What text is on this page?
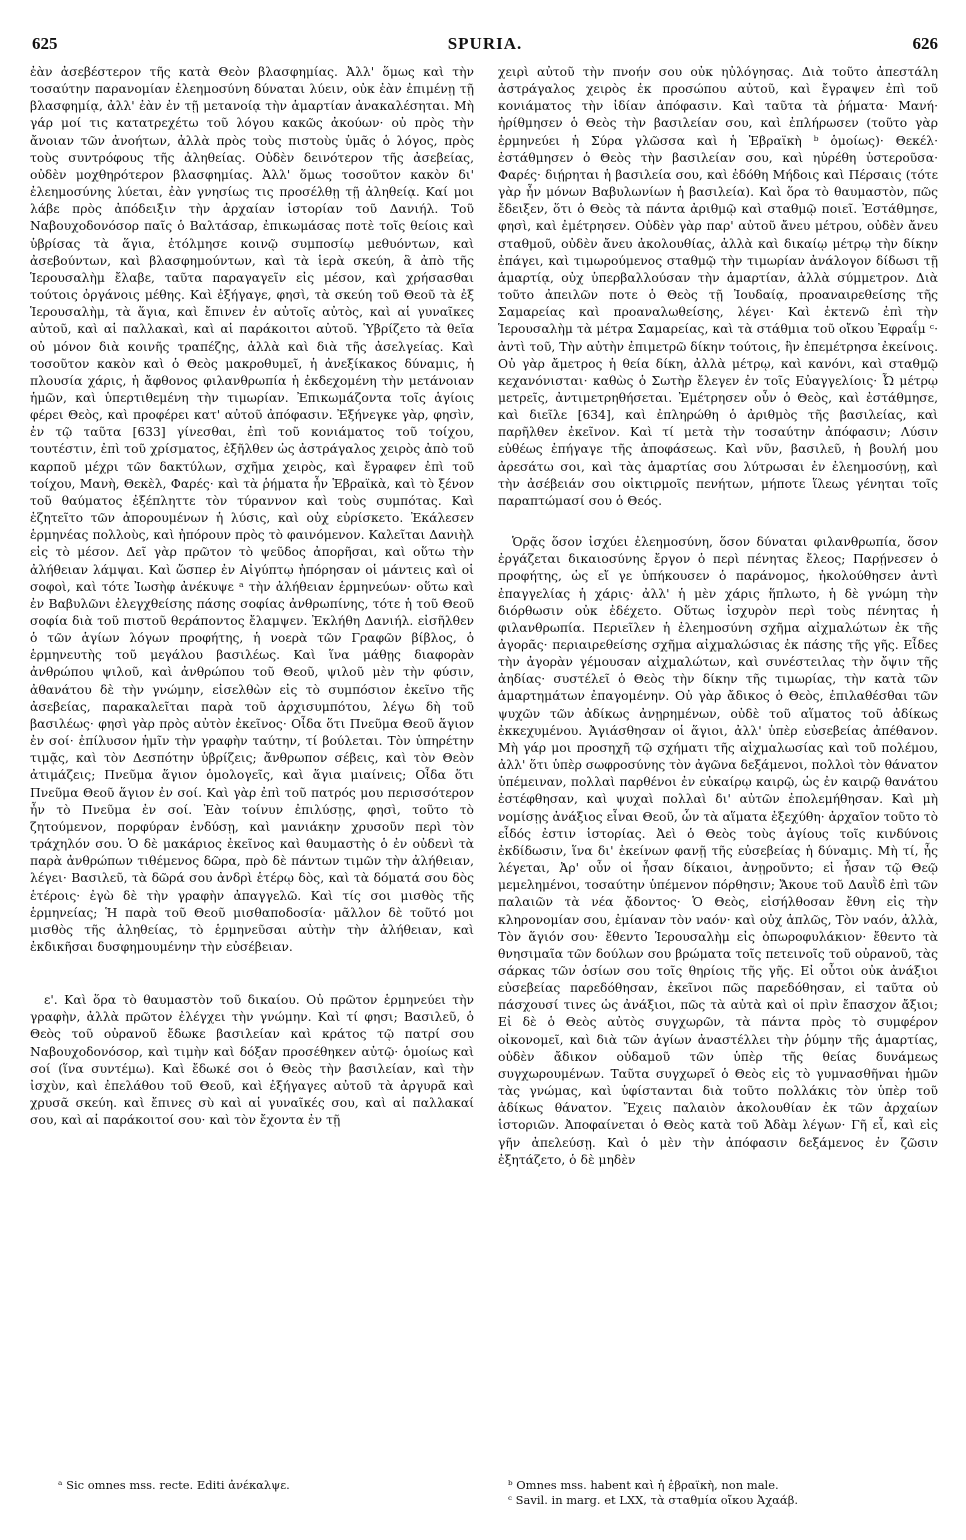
625	SPURIA.	626

ἐὰν ἀσεβέστερον τῆς κατὰ Θεὸν βλασφημίας. Ἀλλ' ὅμως καὶ τὴν τοσαύτην παρανομίαν ἐλεημοσύνη δύναται λύειν, οὐκ ἐὰν ἐπιμένῃ τῇ βλασφημίᾳ, ἀλλ' ἐὰν ἐν τῇ μετανοίᾳ τὴν ἁμαρτίαν ἀνακαλέσηται. Μὴ γάρ μοί τις κατατρεχέτω τοῦ λόγου κακῶς ἀκούων· οὐ πρὸς τὴν ἄνοιαν τῶν ἀνοήτων, ἀλλὰ πρὸς τοὺς πιστοὺς ὑμᾶς ὁ λόγος, πρὸς τοὺς συντρόφους τῆς ἀληθείας. Οὐδὲν δεινότερον τῆς ἀσεβείας, οὐδὲν μοχθηρότερον βλασφημίας. Ἀλλ' ὅμως τοσοῦτον κακὸν δι' ἐλεημοσύνης λύεται, ἐὰν γνησίως τις προσέλθῃ τῇ ἀληθείᾳ. Καί μοι λάβε πρὸς ἀπόδειξιν τὴν ἀρχαίαν ἱστορίαν τοῦ Δανιήλ. Τοῦ Ναβουχοδονόσορ παῖς ὁ Βαλτάσαρ, ἐπικωμάσας ποτὲ τοῖς θείοις καὶ ὑβρίσας τὰ ἅγια, ἐτόλμησε κοινῷ συμποσίῳ μεθυόντων, καὶ ἀσεβούντων, καὶ βλασφημούντων, καὶ τὰ ἱερὰ σκεύη, ἃ ἀπὸ τῆς Ἱερουσαλὴμ ἔλαβε, ταῦτα παραγαγεῖν εἰς μέσον, καὶ χρήσασθαι τούτοις ὀργάνοις μέθης. Καὶ ἐξήγαγε, φησὶ, τὰ σκεύη τοῦ Θεοῦ τὰ ἐξ Ἱερουσαλὴμ, τὰ ἅγια, καὶ ἔπινεν ἐν αὐτοῖς αὐτὸς, καὶ αἱ γυναῖκες αὐτοῦ, καὶ αἱ παλλακαὶ, καὶ αἱ παράκοιτοι αὐτοῦ. Ὑβρίζετο τὰ θεῖα οὐ μόνον διὰ κοινῆς τραπέζης, ἀλλὰ καὶ διὰ τῆς ἀσελγείας. Καὶ τοσοῦτον κακὸν καὶ ὁ Θεὸς μακροθυμεῖ, ἡ ἀνεξίκακος δύναμις, ἡ πλουσία χάρις, ἡ ἄφθονος φιλανθρωπία ἡ ἐκδεχομένη τὴν μετάνοιαν ἡμῶν, καὶ ὑπερτιθεμένη τὴν τιμωρίαν. Ἐπικωμάζοντα τοῖς ἁγίοις φέρει Θεὸς, καὶ προφέρει κατ' αὐτοῦ ἀπόφασιν. Ἐξήνεγκε γὰρ, φησὶν, ἐν τῷ ταῦτα [633] γίνεσθαι, ἐπὶ τοῦ κονιάματος τοῦ τοίχου, τουτέστιν, ἐπὶ τοῦ χρίσματος, ἐξῆλθεν ὡς ἀστράγαλος χειρὸς ἀπὸ τοῦ καρποῦ μέχρι τῶν δακτύλων, σχῆμα χειρὸς, καὶ ἔγραφεν ἐπὶ τοῦ τοίχου, Μανὴ, Θεκὲλ, Φαρές· καὶ τὰ ῥήματα ἦν Ἑβραϊκὰ, καὶ τὸ ξένον τοῦ θαύματος ἐξέπληττε τὸν τύραννον καὶ τοὺς συμπότας. Καὶ ἐζητεῖτο τῶν ἀπορουμένων ἡ λύσις, καὶ οὐχ εὑρίσκετο. Ἐκάλεσεν ἑρμηνέας πολλοὺς, καὶ ἠπόρουν πρὸς τὸ φαινόμενον. Καλεῖται Δανιὴλ εἰς τὸ μέσον. Δεῖ γὰρ πρῶτον τὸ ψεῦδος ἀπορῆσαι, καὶ οὕτω τὴν ἀλήθειαν λάμψαι. Καὶ ὥσπερ ἐν Αἰγύπτῳ ἠπόρησαν οἱ μάντεις καὶ οἱ σοφοὶ, καὶ τότε Ἰωσὴφ ἀνέκυψε ᵃ τὴν ἀλήθειαν ἑρμηνεύων· οὕτω καὶ ἐν Βαβυλῶνι ἐλεγχθείσης πάσης σοφίας ἀνθρωπίνης, τότε ἡ τοῦ Θεοῦ σοφία διὰ τοῦ πιστοῦ θεράποντος ἔλαμψεν. Ἐκλήθη Δανιήλ. εἰσῆλθεν ὁ τῶν ἁγίων λόγων προφήτης, ἡ νοερὰ τῶν Γραφῶν βίβλος, ὁ ἑρμηνευτὴς τοῦ μεγάλου βασιλέως. Καὶ ἵνα μάθῃς διαφορὰν ἀνθρώπου ψιλοῦ, καὶ ἀνθρώπου τοῦ Θεοῦ, ψιλοῦ μὲν τὴν φύσιν, ἀθανάτου δὲ τὴν γνώμην, εἰσελθὼν εἰς τὸ συμπόσιον ἐκεῖνο τῆς ἀσεβείας, παρακαλεῖται παρὰ τοῦ ἀρχισυμπότου, λέγω δὴ τοῦ βασιλέως· φησὶ γὰρ πρὸς αὐτὸν ἐκεῖνος· Οἶδα ὅτι Πνεῦμα Θεοῦ ἅγιον ἐν σοί· ἐπίλυσον ἡμῖν τὴν γραφὴν ταύτην, τί βούλεται. Τὸν ὑπηρέτην τιμᾷς, καὶ τὸν Δεσπότην ὑβρίζεις; ἄνθρωπον σέβεις, καὶ τὸν Θεὸν ἀτιμάζεις; Πνεῦμα ἅγιον ὁμολογεῖς, καὶ ἅγια μιαίνεις; Οἶδα ὅτι Πνεῦμα Θεοῦ ἅγιον ἐν σοί. Καὶ γὰρ ἐπὶ τοῦ πατρός μου περισσότερον ἦν τὸ Πνεῦμα ἐν σοί. Ἐὰν τοίνυν ἐπιλύσῃς, φησὶ, τοῦτο τὸ ζητούμενον, πορφύραν ἐνδύσῃ, καὶ μανιάκην χρυσοῦν περὶ τὸν τράχηλόν σου. Ὁ δὲ μακάριος ἐκεῖνος καὶ θαυμαστὴς ὁ ἐν οὐδενὶ τὰ παρὰ ἀνθρώπων τιθέμενος δῶρα, πρὸ δὲ πάντων τιμῶν τὴν ἀλήθειαν, λέγει· Βασιλεῦ, τὰ δῶρά σου ἀνδρὶ ἑτέρῳ δὸς, καὶ τὰ δόματά σου δὸς ἑτέροις· ἐγὼ δὲ τὴν γραφὴν ἀπαγγελῶ. Καὶ τίς σοι μισθὸς τῆς ἑρμηνείας; Ἡ παρὰ τοῦ Θεοῦ μισθαποδοσία· μᾶλλον δὲ τοῦτό μοι μισθὸς τῆς ἀληθείας, τὸ ἑρμηνεῦσαι αὐτὴν τὴν ἀλήθειαν, καὶ ἐκδικῆσαι δυσφημουμένην τὴν εὐσέβειαν.

ε'. Καὶ ὅρα τὸ θαυμαστὸν τοῦ δικαίου. Οὐ πρῶτον ἑρμηνεύει τὴν γραφὴν, ἀλλὰ πρῶτον ἐλέγχει τὴν γνώμην. Καὶ τί φησι; Βασιλεῦ, ὁ Θεὸς τοῦ οὐρανοῦ ἔδωκε βασιλείαν καὶ κράτος τῷ πατρί σου Ναβουχοδονόσορ, καὶ τιμὴν καὶ δόξαν προσέθηκεν αὐτῷ· ὁμοίως καὶ σοί (ἵνα συντέμω). Καὶ ἔδωκέ σοι ὁ Θεὸς τὴν βασιλείαν, καὶ τὴν ἰσχὺν, καὶ ἐπελάθου τοῦ Θεοῦ, καὶ ἐξήγαγες αὐτοῦ τὰ ἀργυρᾶ καὶ χρυσᾶ σκεύη. καὶ ἔπινες σὺ καὶ αἱ γυναῖκές σου, καὶ αἱ παλλακαί σου, καὶ αἱ παράκοιτοί σου· καὶ τὸν ἔχοντα ἐν τῇ

χειρὶ αὐτοῦ τὴν πνοήν σου οὐκ ηὐλόγησας. Διὰ τοῦτο ἀπεστάλη ἀστράγαλος χειρὸς ἐκ προσώπου αὐτοῦ, καὶ ἔγραψεν ἐπὶ τοῦ κονιάματος τὴν ἰδίαν ἀπόφασιν. Καὶ ταῦτα τὰ ῥήματα· Μανή· ἠρίθμησεν ὁ Θεὸς τὴν βασιλείαν σου, καὶ ἐπλήρωσεν (τοῦτο γὰρ ἑρμηνεύει ἡ Σύρα γλῶσσα καὶ ἡ Ἑβραϊκὴ ᵇ ὁμοίως)· Θεκέλ· ἐστάθμησεν ὁ Θεὸς τὴν βασιλείαν σου, καὶ ηὑρέθη ὑστεροῦσα· Φαρές· διῄρηται ἡ βασιλεία σου, καὶ ἐδόθη Μήδοις καὶ Πέρσαις (τότε γὰρ ἦν μόνων Βαβυλωνίων ἡ βασιλεία). Καὶ ὅρα τὸ θαυμαστὸν, πῶς ἔδειξεν, ὅτι ὁ Θεὸς τὰ πάντα ἀριθμῷ καὶ σταθμῷ ποιεῖ. Ἐστάθμησε, φησὶ, καὶ ἐμέτρησεν. Οὐδὲν γὰρ παρ' αὐτοῦ ἄνευ μέτρου, οὐδὲν ἄνευ σταθμοῦ, οὐδὲν ἄνευ ἀκολουθίας, ἀλλὰ καὶ δικαίῳ μέτρῳ τὴν δίκην ἐπάγει, καὶ τιμωρούμενος σταθμῷ τὴν τιμωρίαν ἀνάλογον δίδωσι τῇ ἁμαρτίᾳ, οὐχ ὑπερβαλλούσαν τὴν ἁμαρτίαν, ἀλλὰ σύμμετρον. Διὰ τοῦτο ἀπειλῶν ποτε ὁ Θεὸς τῇ Ἰουδαίᾳ, προαναιρεθείσης τῆς Σαμαρείας καὶ προαναλωθείσης, λέγει· Καὶ ἐκτενῶ ἐπὶ τὴν Ἱερουσαλὴμ τὰ μέτρα Σαμαρείας, καὶ τὰ στάθμια τοῦ οἴκου Ἐφραΐμ ᶜ· ἀντὶ τοῦ, Τὴν αὐτὴν ἐπιμετρῶ δίκην τούτοις, ἣν ἐπεμέτρησα ἐκείνοις. Οὐ γὰρ ἄμετρος ἡ θεία δίκη, ἀλλὰ μέτρῳ, καὶ κανόνι, καὶ σταθμῷ κεχανόνισται· καθὼς ὁ Σωτὴρ ἔλεγεν ἐν τοῖς Εὐαγγελίοις· Ὦ μέτρῳ μετρεῖς, ἀντιμετρηθήσεται. Ἐμέτρησεν οὖν ὁ Θεὸς, καὶ ἐστάθμησε, καὶ διεῖλε [634], καὶ ἐπληρώθη ὁ ἀριθμὸς τῆς βασιλείας, καὶ παρῆλθεν ἐκεῖνον. Καὶ τί μετὰ τὴν τοσαύτην ἀπόφασιν; Λύσιν εὐθέως ἐπήγαγε τῆς ἀποφάσεως. Καὶ νῦν, βασιλεῦ, ἡ βουλή μου ἀρεσάτω σοι, καὶ τὰς ἁμαρτίας σου λύτρωσαι ἐν ἐλεημοσύνῃ, καὶ τὴν ἀσέβειάν σου οἰκτιρμοῖς πενήτων, μήποτε ἵλεως γένηται τοῖς παραπτώμασί σου ὁ Θεός.

Ὁρᾷς ὅσον ἰσχύει ἐλεημοσύνη, ὅσον δύναται φιλανθρωπία, ὅσον ἐργάζεται δικαιοσύνης ἔργον ὁ περὶ πένητας ἔλεος; Παρῄνεσεν ὁ προφήτης, ὡς εἴ γε ὑπήκουσεν ὁ παράνομος, ἠκολούθησεν ἀντὶ ἐπαγγελίας ἡ χάρις· ἀλλ' ἡ μὲν χάρις ἥπλωτο, ἡ δὲ γνώμη τὴν διόρθωσιν οὐκ ἐδέχετο. Οὕτως ἰσχυρὸν περὶ τοὺς πένητας ἡ φιλανθρωπία. Περιεῖλεν ἡ ἐλεημοσύνη σχῆμα αἰχμαλώτων ἐκ τῆς ἀγορᾶς· περιαιρεθείσης σχῆμα αἰχμαλώσιας ἐκ πάσης τῆς γῆς. Εἶδες τὴν ἀγορὰν γέμουσαν αἰχμαλώτων, καὶ συνέστειλας τὴν ὄψιν τῆς ἀηδίας· συστέλεῖ ὁ Θεὸς τὴν δίκην τῆς τιμωρίας, τὴν κατὰ τῶν ἁμαρτημάτων ἐπαγομένην. Οὐ γὰρ ἄδικος ὁ Θεὸς, ἐπιλαθέσθαι τῶν ψυχῶν τῶν ἀδίκως ἀνῃρημένων, οὐδὲ τοῦ αἵματος τοῦ ἀδίκως ἐκκεχυμένου. Ἀγιάσθησαν οἱ ἅγιοι, ἀλλ' ὑπὲρ εὐσεβείας ἀπέθανον. Μὴ γάρ μοι προσηχῆ τῷ σχήματι τῆς αἰχμαλωσίας καὶ τοῦ πολέμου, ἀλλ' ὅτι ὑπὲρ σωφροσύνης τὸν ἀγῶνα δεξάμενοι, πολλοὶ τὸν θάνατον ὑπέμειναν, πολλαὶ παρθένοι ἐν εὐκαίρῳ καιρῷ, ὡς ἐν καιρῷ θανάτου ἐστέφθησαν, καὶ ψυχαὶ πολλαὶ δι' αὐτῶν ἐπολεμήθησαν. Καὶ μὴ νομίσῃς ἀνάξιος εἶναι Θεοῦ, ὧν τὰ αἵματα ἐξεχύθη· ἀρχαῖον τοῦτο τὸ εἶδός ἐστιν ἱστορίας. Ἀεὶ ὁ Θεὸς τοὺς ἁγίους τοῖς κινδύνοις ἐκδίδωσιν, ἵνα δι' ἐκείνων φανῇ τῆς εὐσεβείας ἡ δύναμις. Μὴ τί, ἦς λέγεται, Ἀρ' οὖν οἱ ἦσαν δίκαιοι, ἀνῃροῦντο; εἰ ἦσαν τῷ Θεῷ μεμελημένοι, τοσαύτην ὑπέμενον πόρθησιν; Ἄκουε τοῦ Δαυῒδ ἐπὶ τῶν παλαιῶν τὰ νέα ᾄδοντος· Ὁ Θεὸς, εἰσήλθοσαν ἔθνη εἰς τὴν κληρονομίαν σου, ἐμίαναν τὸν ναόν· καὶ οὐχ ἁπλῶς, Τὸν ναόν, ἀλλὰ, Τὸν ἅγιόν σου· ἔθεντο Ἱερουσαλὴμ εἰς ὀπωροφυλάκιον· ἔθεντο τὰ θνησιμαῖα τῶν δούλων σου βρώματα τοῖς πετεινοῖς τοῦ οὐρανοῦ, τὰς σάρκας τῶν ὁσίων σου τοῖς θηρίοις τῆς γῆς. Εἰ οὖτοι οὐκ ἀνάξιοι εὐσεβείας παρεδόθησαν, ἐκεῖνοι πῶς παρεδόθησαν, εἰ ταῦτα οὐ πάσχουσί τινες ὡς ἀνάξιοι, πῶς τὰ αὐτὰ καὶ οἱ πρὶν ἔπασχον ἄξιοι; Εἰ δὲ ὁ Θεὸς αὐτὸς συγχωρῶν, τὰ πάντα πρὸς τὸ συμφέρον οἰκονομεῖ, καὶ διὰ τῶν ἁγίων ἀναστέλλει τὴν ῥύμην τῆς ἁμαρτίας, οὐδὲν ἄδικον οὐδαμοῦ τῶν ὑπὲρ τῆς θείας δυνάμεως συγχωρουμένων. Ταῦτα συγχωρεῖ ὁ Θεὸς εἰς τὸ γυμνασθῆναι ἡμῶν τὰς γνώμας, καὶ ὑφίστανται διὰ τοῦτο πολλάκις τὸν ὑπὲρ τοῦ ἀδίκως θάνατον. Ἔχεις παλαιὸν ἀκολουθίαν ἐκ τῶν ἀρχαίων ἱστοριῶν. Ἀποφαίνεται ὁ Θεὸς κατὰ τοῦ Ἀδὰμ λέγων· Γῆ εἶ, καὶ εἰς γῆν ἀπελεύσῃ. Καὶ ὁ μὲν τὴν ἀπόφασιν δεξάμενος ἐν ζῶσιν ἐξητάζετο, ὁ δὲ μηδὲν

ᵃ Sic omnes mss. recte. Editi ἀνέκαλψε.	ᵇ Omnes mss. habent καὶ ἡ ἑβραϊκὴ, non male.
ᶜ Savil. in marg. et LXX, τὰ σταθμία οἴκου Ἀχαάβ.
